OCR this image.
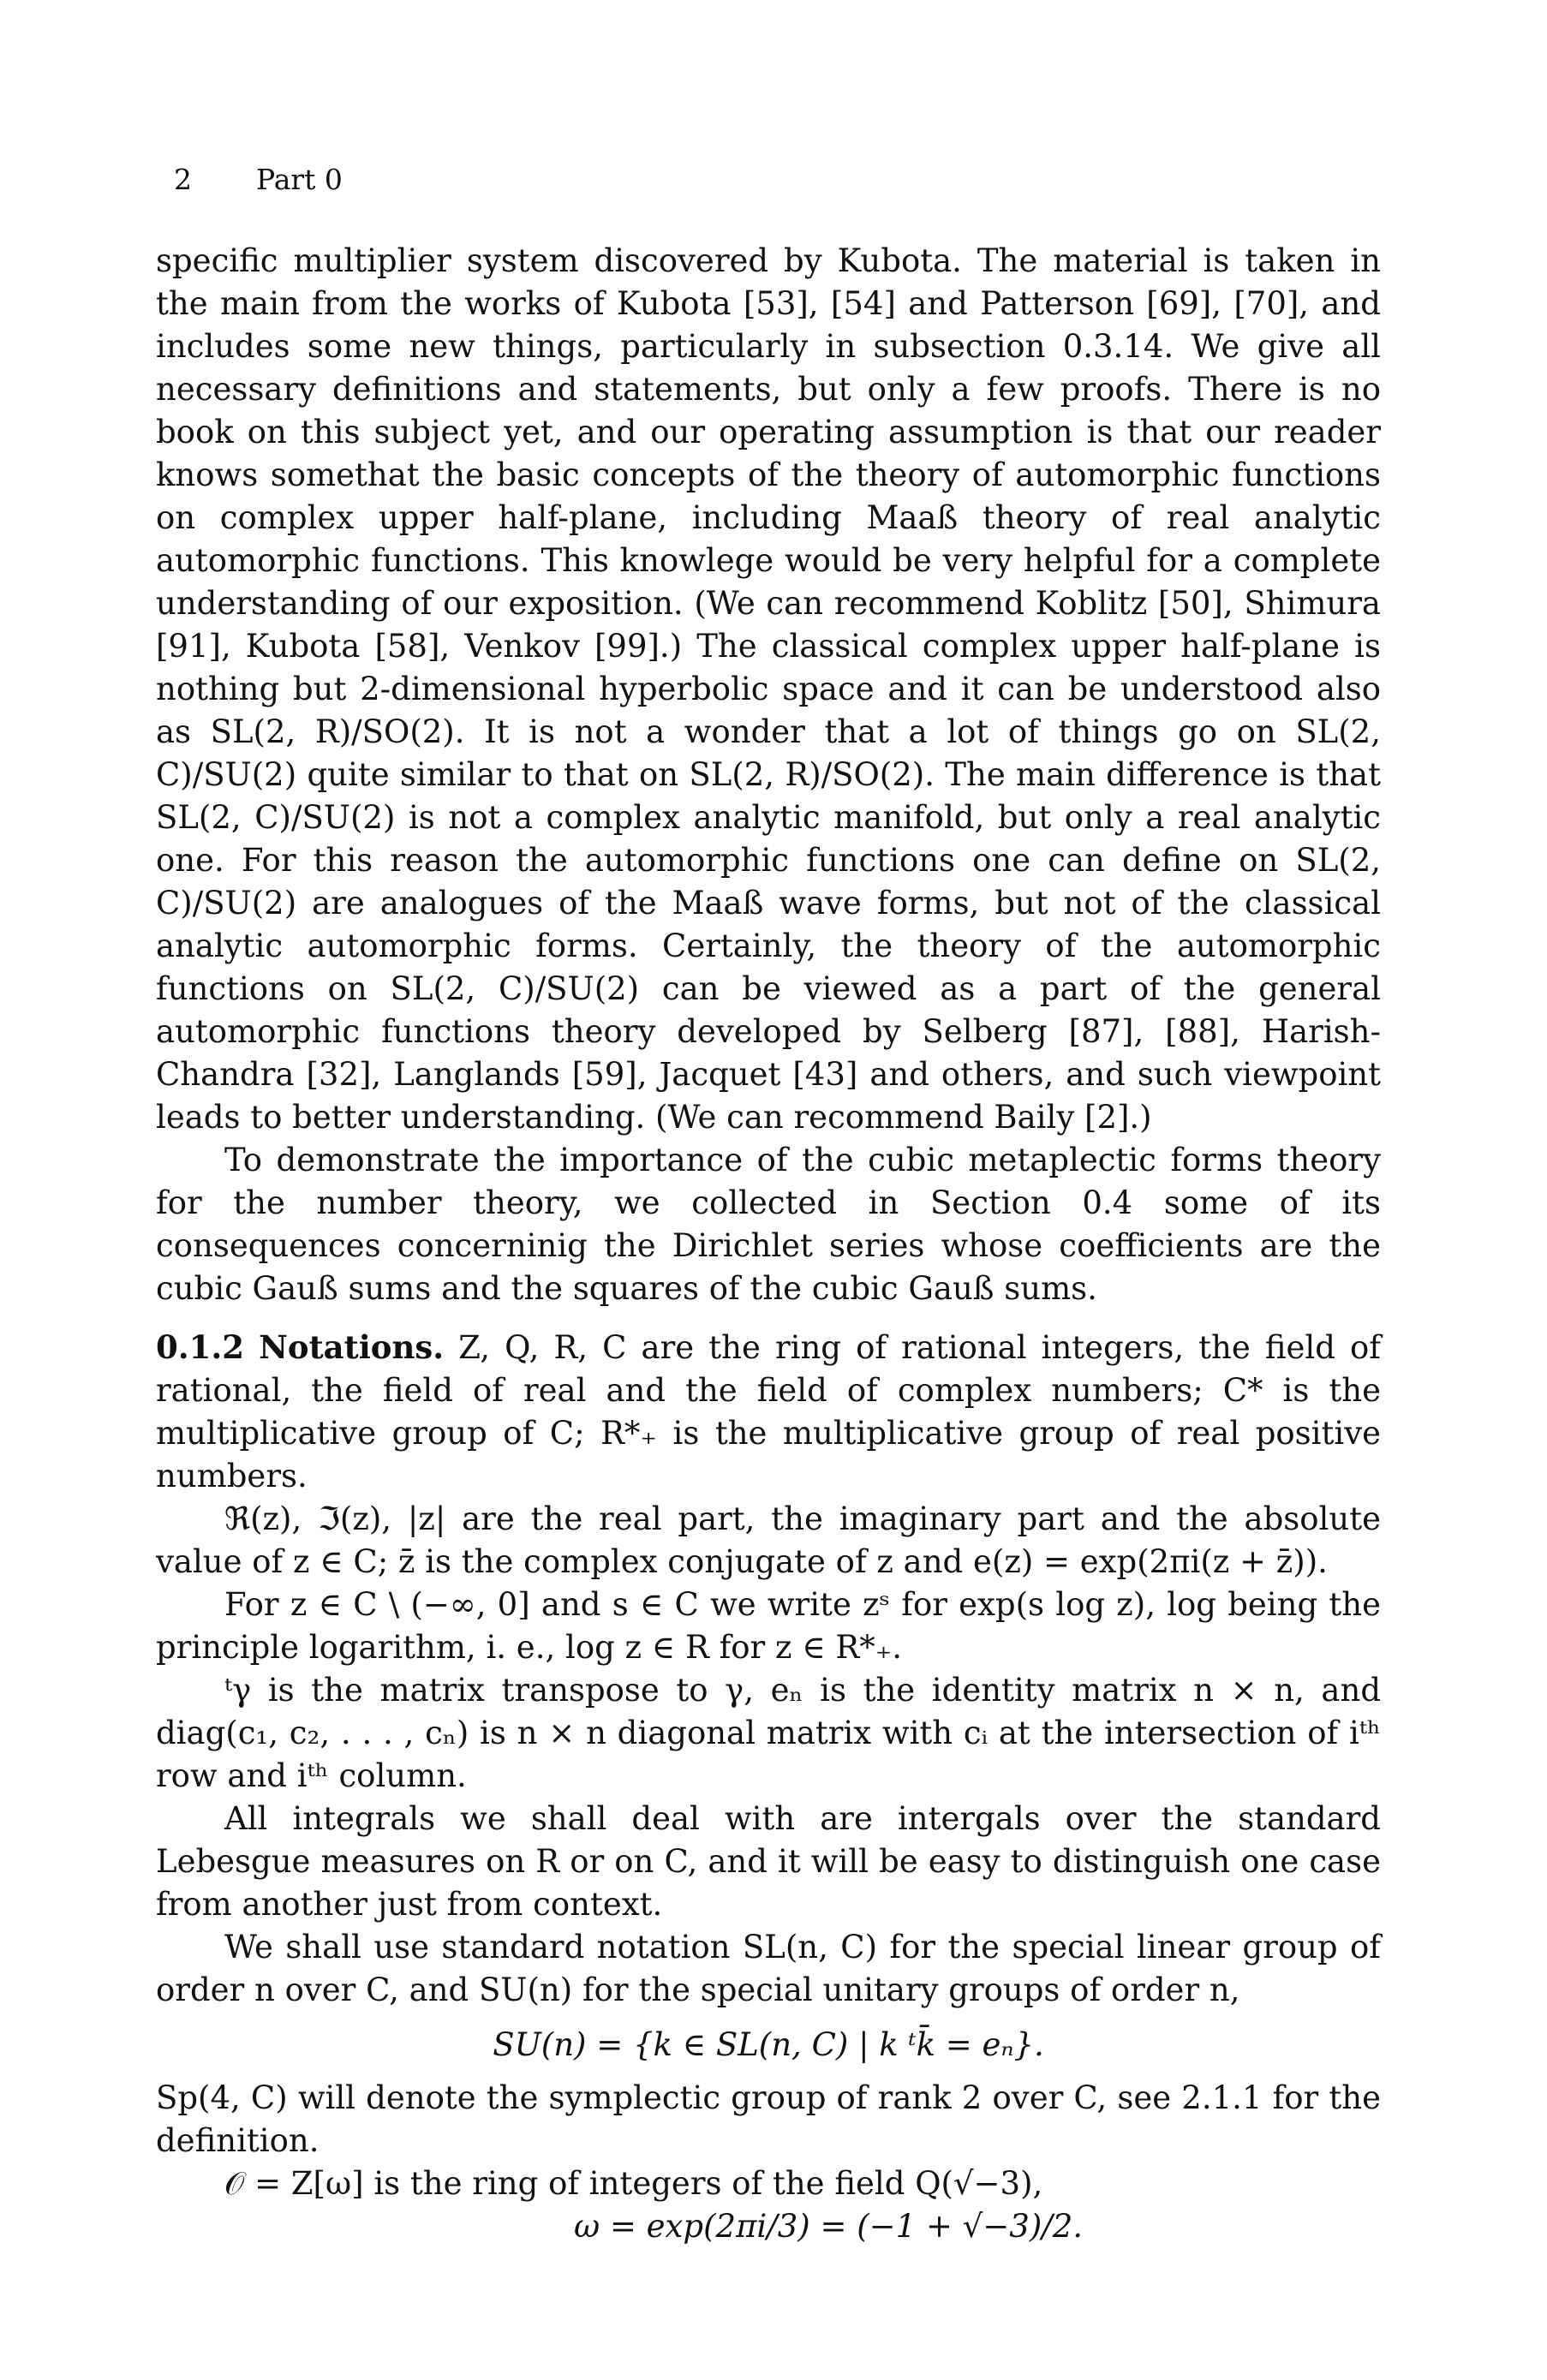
2 Part 0

specific multiplier system discovered by Kubota. The material is taken in the main from the works of Kubota [53], [54] and Patterson [69], [70], and includes some new things, particularly in subsection 0.3.14. We give all necessary definitions and statements, but only a few proofs. There is no book on this subject yet, and our operating assumption is that our reader knows somethat the basic concepts of the theory of automorphic functions on complex upper half-plane, including Maaß theory of real analytic automorphic functions. This knowlege would be very helpful for a complete understanding of our exposition. (We can recommend Koblitz [50], Shimura [91], Kubota [58], Venkov [99].) The classical complex upper half-plane is nothing but 2-dimensional hyperbolic space and it can be understood also as SL(2, R)/SO(2). It is not a wonder that a lot of things go on SL(2, C)/SU(2) quite similar to that on SL(2, R)/SO(2). The main difference is that SL(2, C)/SU(2) is not a complex analytic manifold, but only a real analytic one. For this reason the automorphic functions one can define on SL(2, C)/SU(2) are analogues of the Maaß wave forms, but not of the classical analytic automorphic forms. Certainly, the theory of the automorphic functions on SL(2, C)/SU(2) can be viewed as a part of the general automorphic functions theory developed by Selberg [87], [88], Harish-Chandra [32], Langlands [59], Jacquet [43] and others, and such viewpoint leads to better understanding. (We can recommend Baily [2].)

To demonstrate the importance of the cubic metaplectic forms theory for the number theory, we collected in Section 0.4 some of its consequences concerninig the Dirichlet series whose coefficients are the cubic Gauß sums and the squares of the cubic Gauß sums.

0.1.2 Notations. Z, Q, R, C are the ring of rational integers, the field of rational, the field of real and the field of complex numbers; C* is the multiplicative group of C; R*₊ is the multiplicative group of real positive numbers.

ℜ(z), ℑ(z), |z| are the real part, the imaginary part and the absolute value of z ∈ C; z̄ is the complex conjugate of z and e(z) = exp(2πi(z + z̄)).

For z ∈ C \ (−∞, 0] and s ∈ C we write zˢ for exp(s log z), log being the principle logarithm, i. e., log z ∈ R for z ∈ R*₊.

ᵗγ is the matrix transpose to γ, eₙ is the identity matrix n × n, and diag(c₁, c₂, . . . , cₙ) is n × n diagonal matrix with cᵢ at the intersection of iᵗʰ row and iᵗʰ column.

All integrals we shall deal with are intergals over the standard Lebesgue measures on R or on C, and it will be easy to distinguish one case from another just from context.

We shall use standard notation SL(n, C) for the special linear group of order n over C, and SU(n) for the special unitary groups of order n,

SU(n) = {k ∈ SL(n, C) | k ᵗk̄ = eₙ}.

Sp(4, C) will denote the symplectic group of rank 2 over C, see 2.1.1 for the definition.

𝒪 = Z[ω] is the ring of integers of the field Q(√−3),

ω = exp(2πi/3) = (−1 + √−3)/2.
